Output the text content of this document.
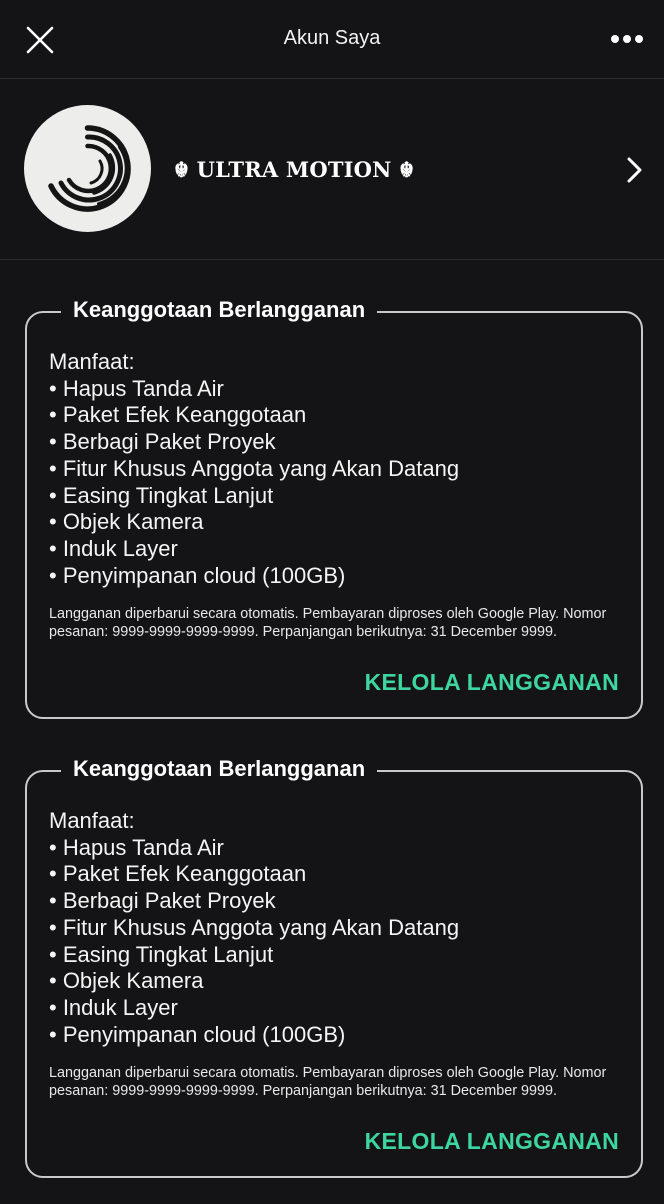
Akun Saya
☬ ULTRA MOTION ☬
Keanggotaan Berlangganan
Manfaat:
• Hapus Tanda Air
• Paket Efek Keanggotaan
• Berbagi Paket Proyek
• Fitur Khusus Anggota yang Akan Datang
• Easing Tingkat Lanjut
• Objek Kamera
• Induk Layer
• Penyimpanan cloud (100GB)
Langganan diperbarui secara otomatis. Pembayaran diproses oleh Google Play. Nomor pesanan: 9999-9999-9999-9999. Perpanjangan berikutnya: 31 December 9999.
KELOLA LANGGANAN
Keanggotaan Berlangganan
Manfaat:
• Hapus Tanda Air
• Paket Efek Keanggotaan
• Berbagi Paket Proyek
• Fitur Khusus Anggota yang Akan Datang
• Easing Tingkat Lanjut
• Objek Kamera
• Induk Layer
• Penyimpanan cloud (100GB)
Langganan diperbarui secara otomatis. Pembayaran diproses oleh Google Play. Nomor pesanan: 9999-9999-9999-9999. Perpanjangan berikutnya: 31 December 9999.
KELOLA LANGGANAN
